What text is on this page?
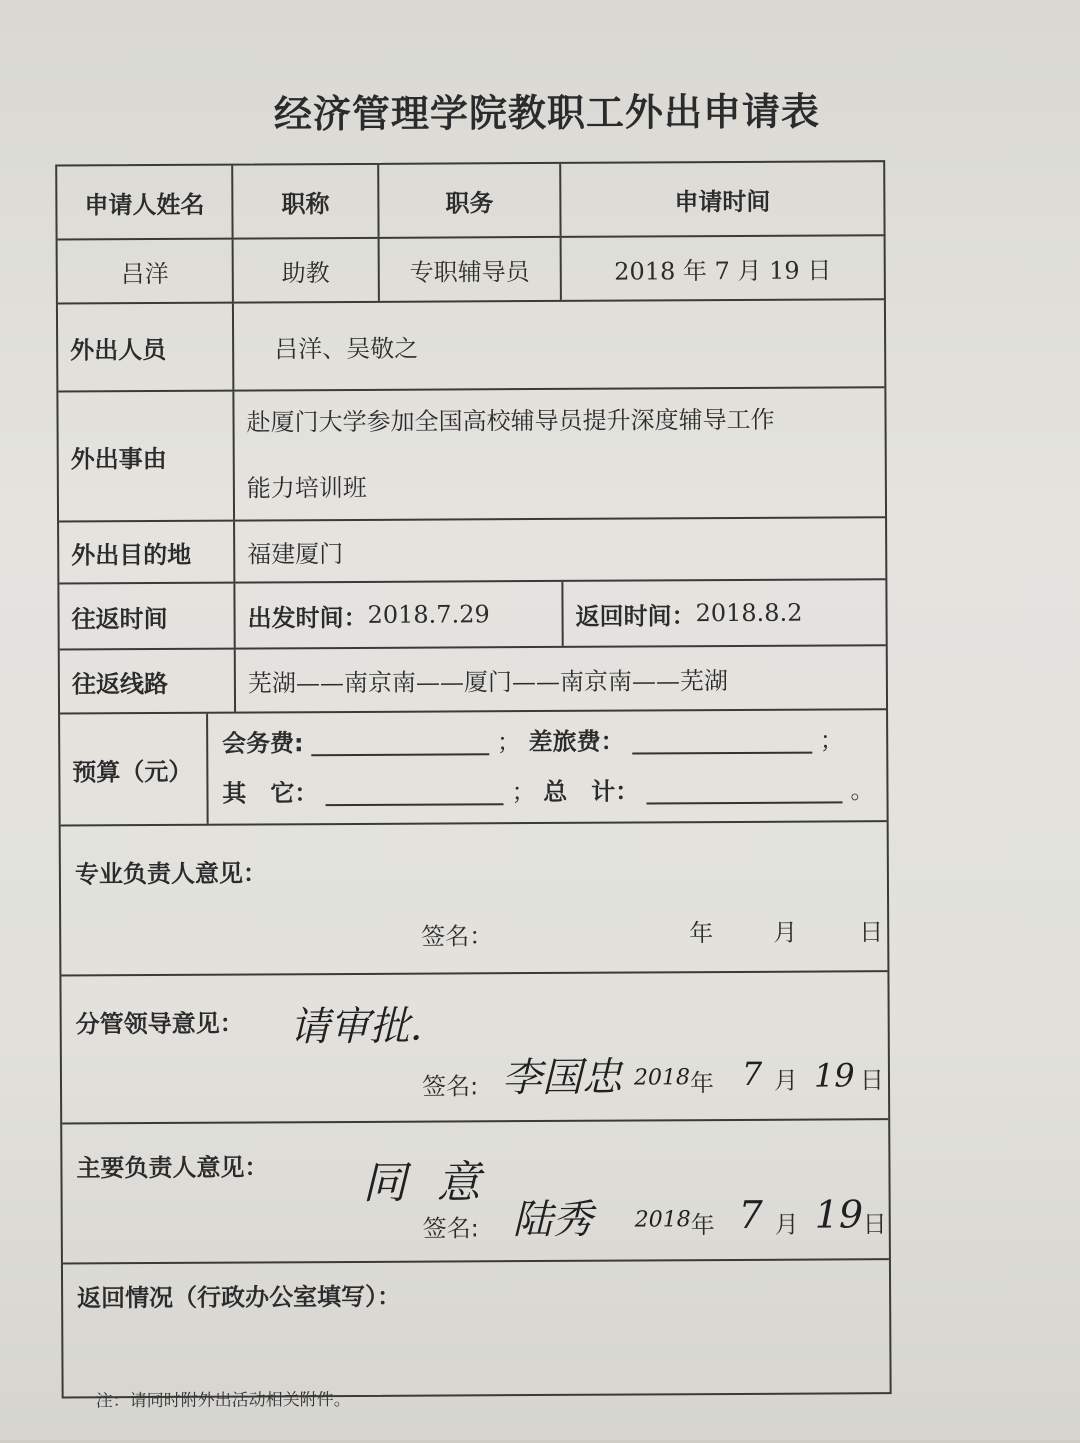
经济管理学院教职工外出申请表
申请人姓名	职称	职务	申请时间
吕洋	助教	专职辅导员	2018 年 7 月 19 日
外出人员	吕洋、吴敬之
外出事由
赴厦门大学参加全国高校辅导员提升深度辅导工作
能力培训班
外出目的地	福建厦门
往返时间	出发时间： 2018.7.29	返回时间： 2018.8.2
往返线路	芜湖——南京南——厦门——南京南——芜湖
预算（元）
会务费:	； 差旅费：	；
其　它：	； 总　计：	。
专业负责人意见：
签名：	年 月	日
分管领导意见： 请审批.
签名: 李国忠 2018 年 7 月 19 日
主要负责人意见： 同意
签名: 陆秀 2018 年 7 月 19 日
返回情况（行政办公室填写）：
注：请同时附外出活动相关附件。
